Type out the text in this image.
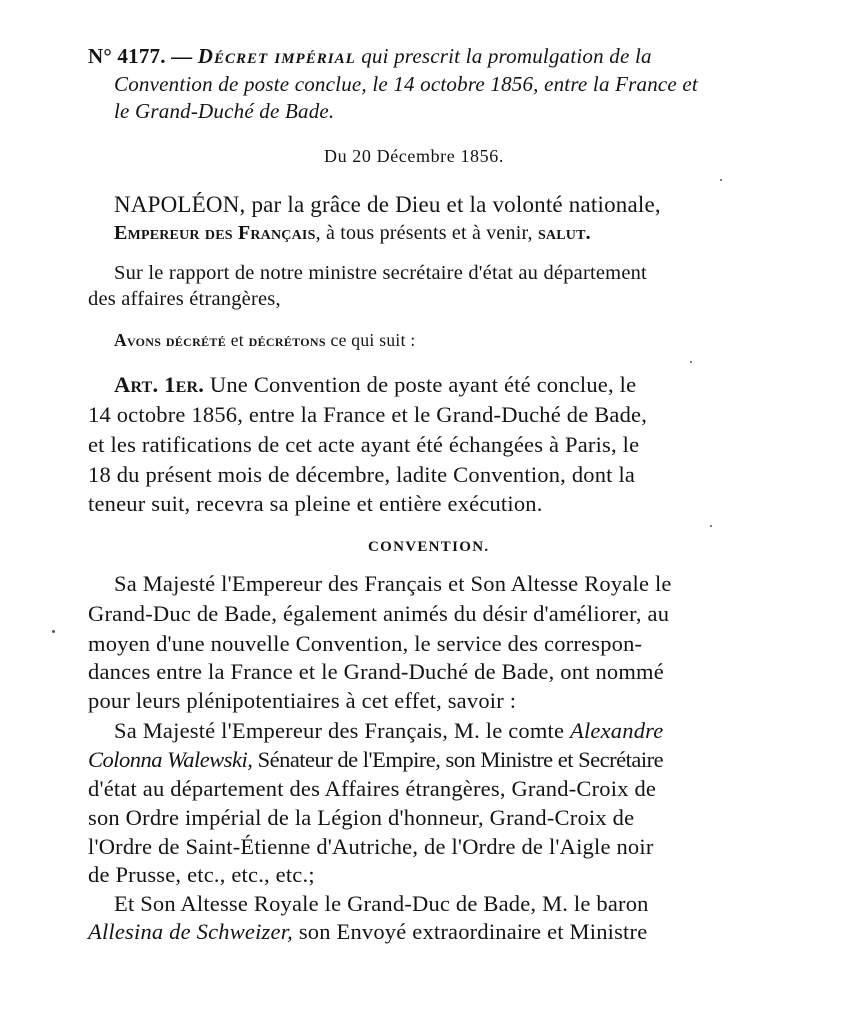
N° 4177. — Décret impérial qui prescrit la promulgation de la
Convention de poste conclue, le 14 octobre 1856, entre la France et
le Grand-Duché de Bade.
Du 20 Décembre 1856.
NAPOLÉON, par la grâce de Dieu et la volonté nationale,
Empereur des Français, à tous présents et à venir, salut.
Sur le rapport de notre ministre secrétaire d'état au département
des affaires étrangères,
Avons décrété et décrétons ce qui suit :
Art. 1er. Une Convention de poste ayant été conclue, le
14 octobre 1856, entre la France et le Grand-Duché de Bade,
et les ratifications de cet acte ayant été échangées à Paris, le
18 du présent mois de décembre, ladite Convention, dont la
teneur suit, recevra sa pleine et entière exécution.
CONVENTION.
Sa Majesté l'Empereur des Français et Son Altesse Royale le
Grand-Duc de Bade, également animés du désir d'améliorer, au
moyen d'une nouvelle Convention, le service des correspon-
dances entre la France et le Grand-Duché de Bade, ont nommé
pour leurs plénipotentiaires à cet effet, savoir :
Sa Majesté l'Empereur des Français, M. le comte Alexandre
Colonna Walewski, Sénateur de l'Empire, son Ministre et Secrétaire
d'état au département des Affaires étrangères, Grand-Croix de
son Ordre impérial de la Légion d'honneur, Grand-Croix de
l'Ordre de Saint-Étienne d'Autriche, de l'Ordre de l'Aigle noir
de Prusse, etc., etc., etc.;
Et Son Altesse Royale le Grand-Duc de Bade, M. le baron
Allesina de Schweizer, son Envoyé extraordinaire et Ministre
